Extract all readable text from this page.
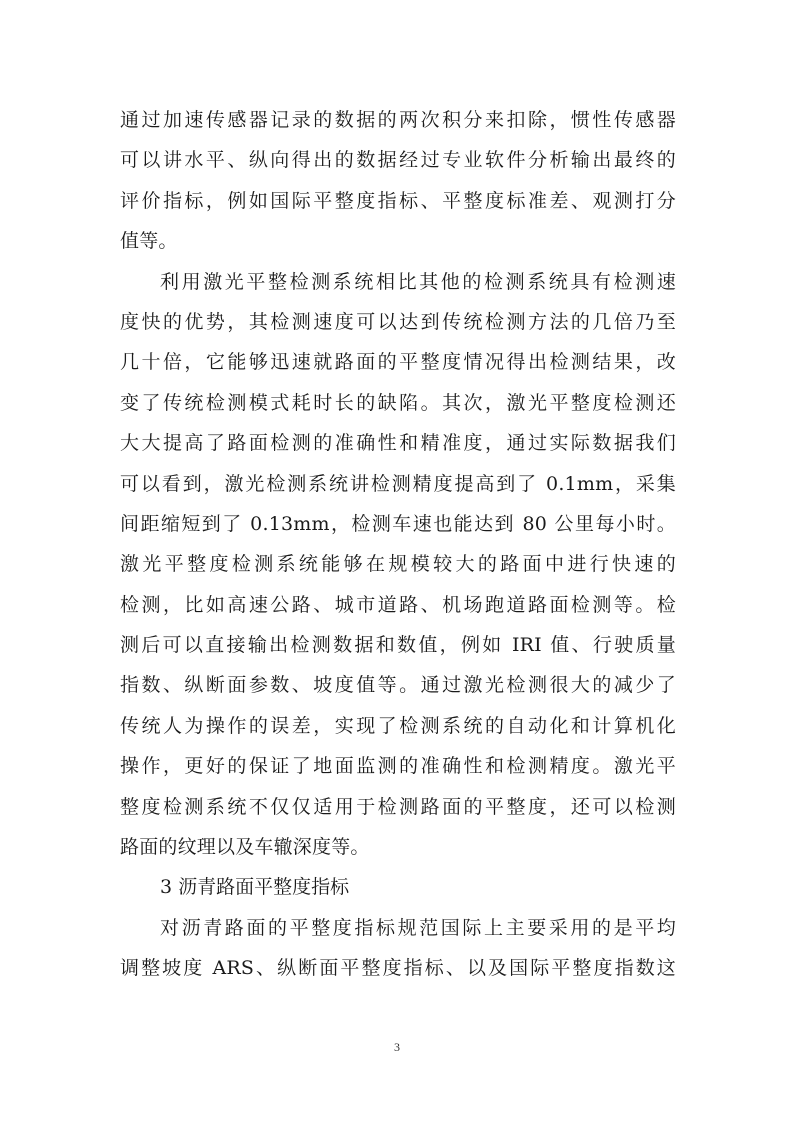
通过加速传感器记录的数据的两次积分来扣除，惯性传感器
可以讲水平、纵向得出的数据经过专业软件分析输出最终的
评价指标，例如国际平整度指标、平整度标准差、观测打分
值等。
利用激光平整检测系统相比其他的检测系统具有检测速
度快的优势，其检测速度可以达到传统检测方法的几倍乃至
几十倍，它能够迅速就路面的平整度情况得出检测结果，改
变了传统检测模式耗时长的缺陷。其次，激光平整度检测还
大大提高了路面检测的准确性和精准度，通过实际数据我们
可以看到，激光检测系统讲检测精度提高到了 0.1mm，采集
间距缩短到了 0.13mm，检测车速也能达到 80 公里每小时。
激光平整度检测系统能够在规模较大的路面中进行快速的
检测，比如高速公路、城市道路、机场跑道路面检测等。检
测后可以直接输出检测数据和数值，例如 IRI 值、行驶质量
指数、纵断面参数、坡度值等。通过激光检测很大的减少了
传统人为操作的误差，实现了检测系统的自动化和计算机化
操作，更好的保证了地面监测的准确性和检测精度。激光平
整度检测系统不仅仅适用于检测路面的平整度，还可以检测
路面的纹理以及车辙深度等。
3 沥青路面平整度指标
对沥青路面的平整度指标规范国际上主要采用的是平均
调整坡度 ARS、纵断面平整度指标、以及国际平整度指数这
3
